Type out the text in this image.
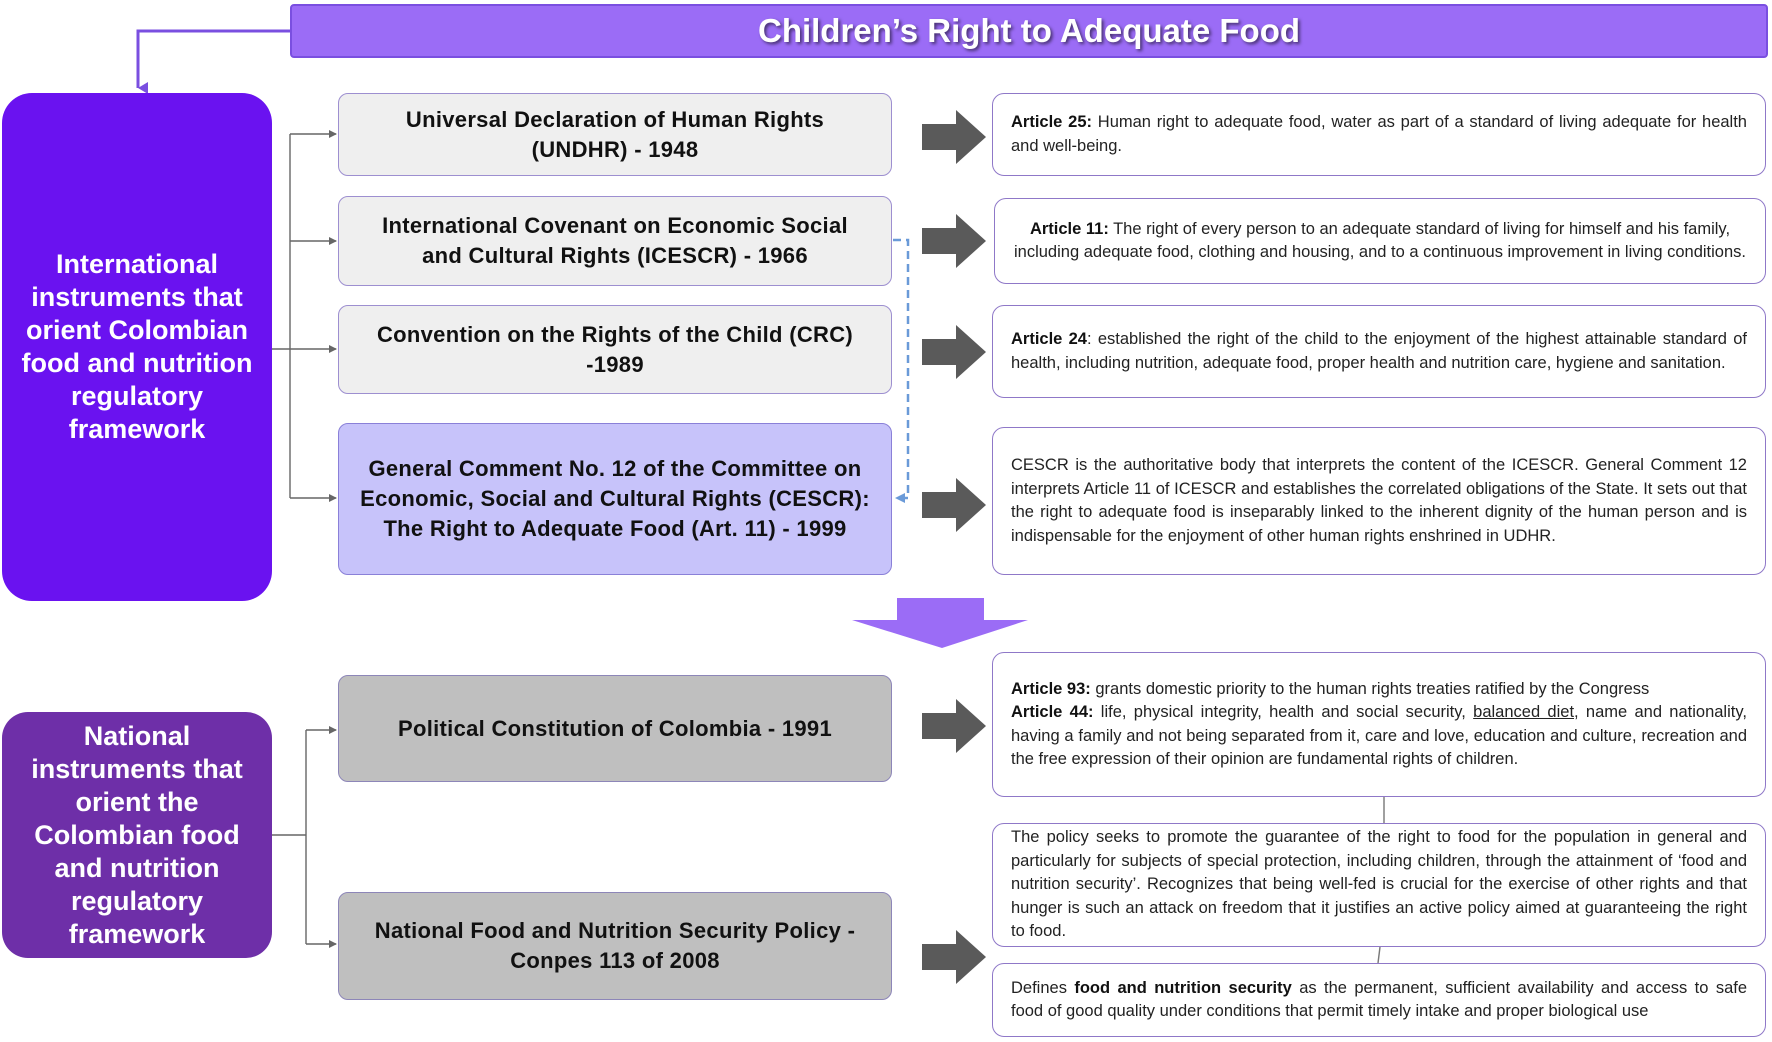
Children’s Right to Adequate Food
International instruments that orient Colombian food and nutrition regulatory framework
National instruments that orient the Colombian food and nutrition regulatory framework
Universal Declaration of Human Rights (UNDHR) - 1948
International Covenant on Economic Social and Cultural Rights (ICESCR) - 1966
Convention on the Rights of the Child (CRC) -1989
General Comment No. 12 of the Committee on Economic, Social and Cultural Rights (CESCR): The Right to Adequate Food (Art. 11) - 1999
Political Constitution of Colombia - 1991
National Food and Nutrition Security Policy - Conpes 113 of 2008

Article 25: Human right to adequate food, water as part of a standard of living adequate for health and well-being.

Article 11: The right of every person to an adequate standard of living for himself and his family, including adequate food, clothing and housing, and to a continuous improvement in living conditions.

Article 24: established the right of the child to the enjoyment of the highest attainable standard of health, including nutrition, adequate food, proper health and nutrition care, hygiene and sanitation.

CESCR is the authoritative body that interprets the content of the ICESCR. General Comment 12 interprets Article 11 of ICESCR and establishes the correlated obligations of the State. It sets out that the right to adequate food is inseparably linked to the inherent dignity of the human person and is indispensable for the enjoyment of other human rights enshrined in UDHR.

Article 93: grants domestic priority to the human rights treaties ratified by the Congress

Article 44: life, physical integrity, health and social security, balanced diet, name and nationality, having a family and not being separated from it, care and love, education and culture, recreation and the free expression of their opinion are fundamental rights of children.

The policy seeks to promote the guarantee of the right to food for the population in general and particularly for subjects of special protection, including children, through the attainment of ‘food and nutrition security’. Recognizes that being well-fed is crucial for the exercise of other rights and that hunger is such an attack on freedom that it justifies an active policy aimed at guaranteeing the right to food.

Defines food and nutrition security as the permanent, sufficient availability and access to safe food of good quality under conditions that permit timely intake and proper biological use
